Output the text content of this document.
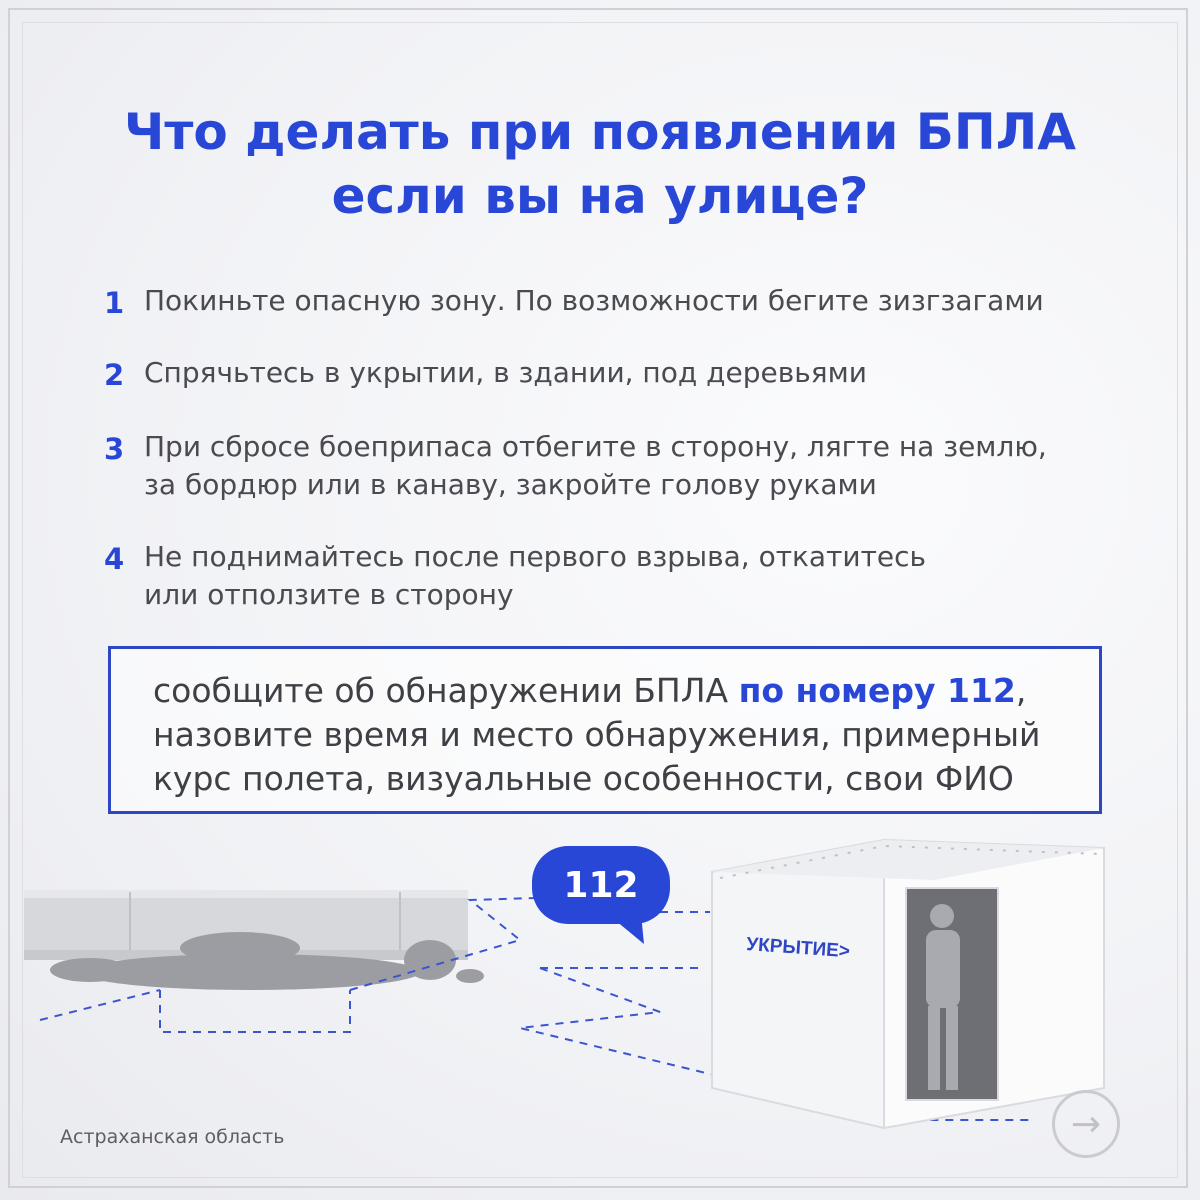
Что делать при появлении БПЛА
если вы на улице?
1 Покиньте опасную зону. По возможности бегите зизгзагами
2 Спрячьтесь в укрытии, в здании, под деревьями
3 При сбросе боеприпаса отбегите в сторону, лягте на землю,
за бордюр или в канаву, закройте голову руками
4 Не поднимайтесь после первого взрыва, откатитесь
или отползите в сторону
сообщите об обнаружении БПЛА по номеру 112,
назовите время и место обнаружения, примерный
курс полета, визуальные особенности, свои ФИО
УКРЫТИЕ>
112
Астраханская область	→
